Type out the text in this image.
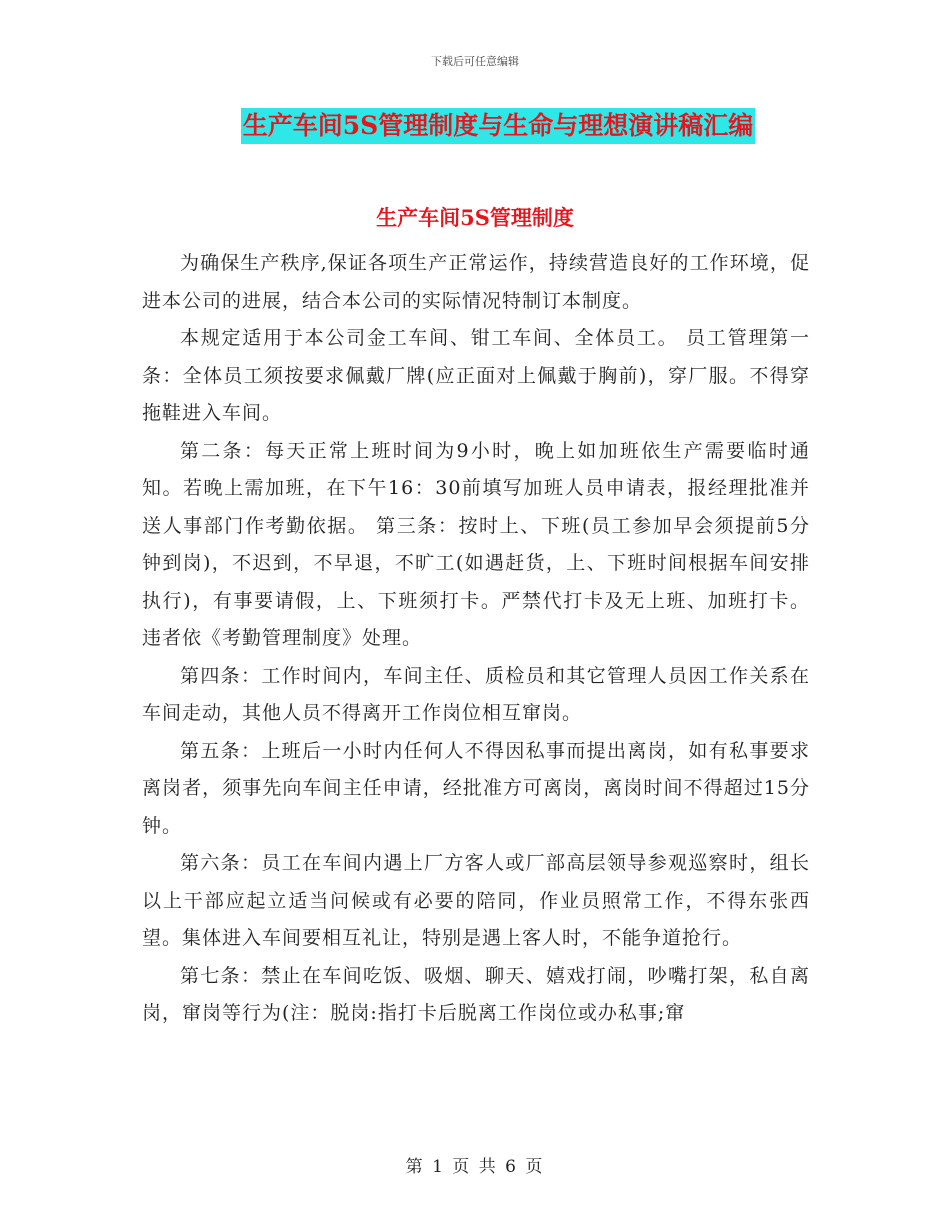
下载后可任意编辑
生产车间5S管理制度与生命与理想演讲稿汇编
生产车间5S管理制度

为确保生产秩序,保证各项生产正常运作，持续营造良好的工作环境，促进本公司的进展，结合本公司的实际情况特制订本制度。

本规定适用于本公司金工车间、钳工车间、全体员工。 员工管理第一条：全体员工须按要求佩戴厂牌(应正面对上佩戴于胸前)，穿厂服。不得穿拖鞋进入车间。

第二条：每天正常上班时间为9小时，晚上如加班依生产需要临时通知。若晚上需加班，在下午16：30前填写加班人员申请表，报经理批准并送人事部门作考勤依据。 第三条：按时上、下班(员工参加早会须提前5分钟到岗)，不迟到，不早退，不旷工(如遇赶货，上、下班时间根据车间安排执行)，有事要请假，上、下班须打卡。严禁代打卡及无上班、加班打卡。违者依《考勤管理制度》处理。

第四条：工作时间内，车间主任、质检员和其它管理人员因工作关系在车间走动，其他人员不得离开工作岗位相互窜岗。

第五条：上班后一小时内任何人不得因私事而提出离岗，如有私事要求离岗者，须事先向车间主任申请，经批准方可离岗，离岗时间不得超过15分钟。

第六条：员工在车间内遇上厂方客人或厂部高层领导参观巡察时，组长以上干部应起立适当问候或有必要的陪同，作业员照常工作，不得东张西望。集体进入车间要相互礼让，特别是遇上客人时，不能争道抢行。

第七条：禁止在车间吃饭、吸烟、聊天、嬉戏打闹，吵嘴打架，私自离岗，窜岗等行为(注：脱岗:指打卡后脱离工作岗位或办私事;窜

第 1 页 共 6 页
